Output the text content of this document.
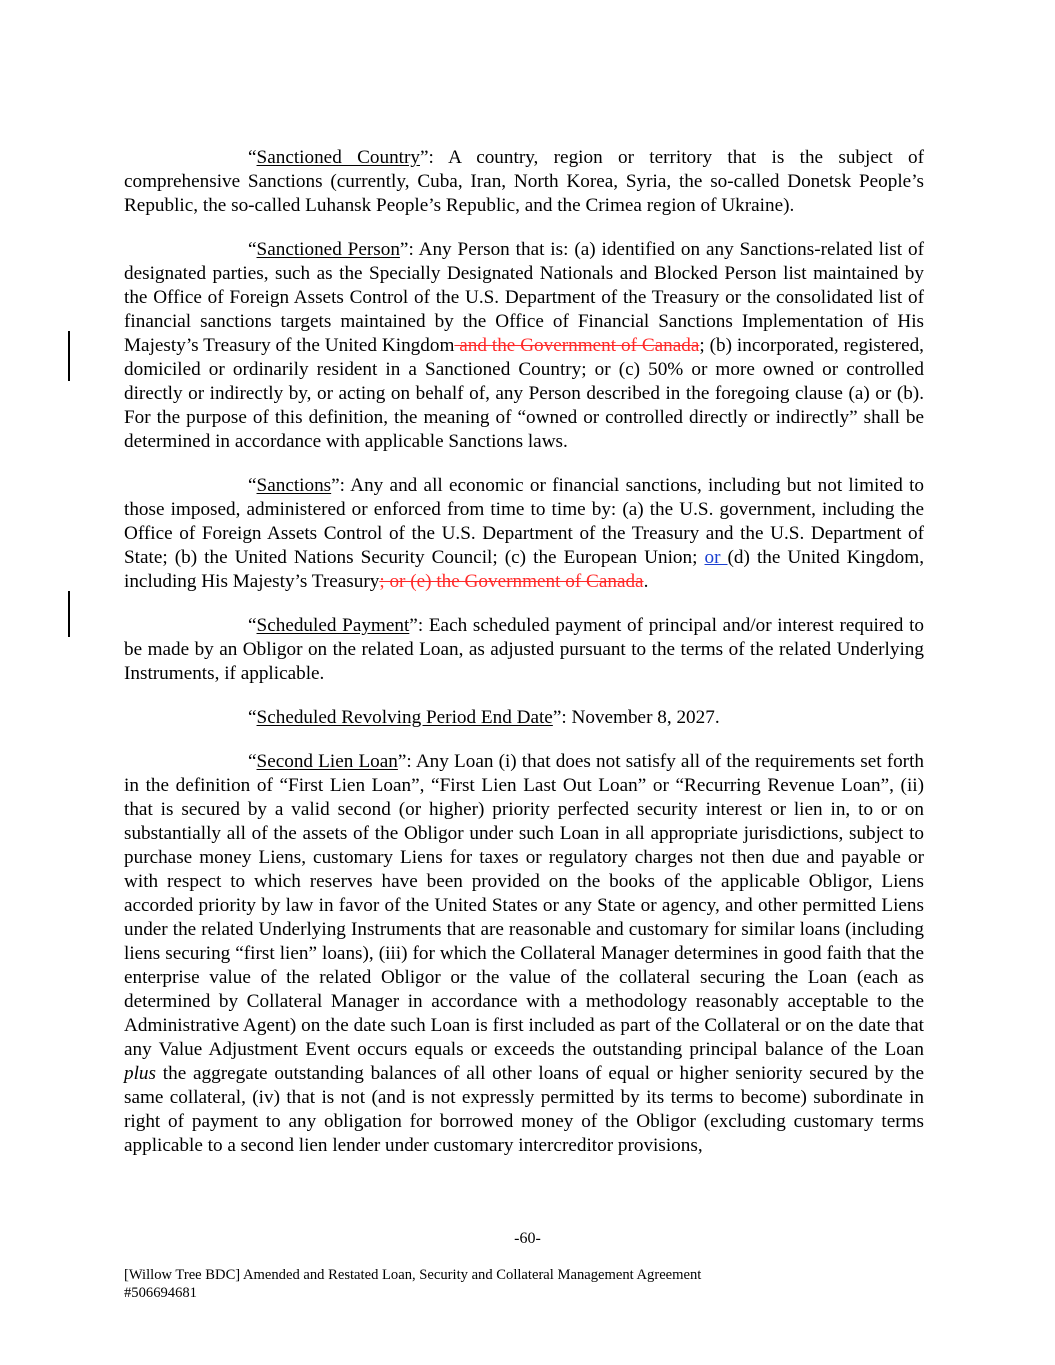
“Sanctioned Country”: A country, region or territory that is the subject of comprehensive Sanctions (currently, Cuba, Iran, North Korea, Syria, the so-called Donetsk People’s Republic, the so-called Luhansk People’s Republic, and the Crimea region of Ukraine).

“Sanctioned Person”: Any Person that is: (a) identified on any Sanctions-related list of designated parties, such as the Specially Designated Nationals and Blocked Person list maintained by the Office of Foreign Assets Control of the U.S. Department of the Treasury or the consolidated list of financial sanctions targets maintained by the Office of Financial Sanctions Implementation of His Majesty’s Treasury of the United Kingdom and the Government of Canada; (b) incorporated, registered, domiciled or ordinarily resident in a Sanctioned Country; or (c) 50% or more owned or controlled directly or indirectly by, or acting on behalf of, any Person described in the foregoing clause (a) or (b). For the purpose of this definition, the meaning of “owned or controlled directly or indirectly” shall be determined in accordance with applicable Sanctions laws.

“Sanctions”: Any and all economic or financial sanctions, including but not limited to those imposed, administered or enforced from time to time by: (a) the U.S. government, including the Office of Foreign Assets Control of the U.S. Department of the Treasury and the U.S. Department of State; (b) the United Nations Security Council; (c) the European Union; or (d) the United Kingdom, including His Majesty’s Treasury; or (e) the Government of Canada.

“Scheduled Payment”: Each scheduled payment of principal and/or interest required to be made by an Obligor on the related Loan, as adjusted pursuant to the terms of the related Underlying Instruments, if applicable.

“Scheduled Revolving Period End Date”: November 8, 2027.

“Second Lien Loan”: Any Loan (i) that does not satisfy all of the requirements set forth in the definition of “First Lien Loan”, “First Lien Last Out Loan” or “Recurring Revenue Loan”, (ii) that is secured by a valid second (or higher) priority perfected security interest or lien in, to or on substantially all of the assets of the Obligor under such Loan in all appropriate jurisdictions, subject to purchase money Liens, customary Liens for taxes or regulatory charges not then due and payable or with respect to which reserves have been provided on the books of the applicable Obligor, Liens accorded priority by law in favor of the United States or any State or agency, and other permitted Liens under the related Underlying Instruments that are reasonable and customary for similar loans (including liens securing “first lien” loans), (iii) for which the Collateral Manager determines in good faith that the enterprise value of the related Obligor or the value of the collateral securing the Loan (each as determined by Collateral Manager in accordance with a methodology reasonably acceptable to the Administrative Agent) on the date such Loan is first included as part of the Collateral or on the date that any Value Adjustment Event occurs equals or exceeds the outstanding principal balance of the Loan plus the aggregate outstanding balances of all other loans of equal or higher seniority secured by the same collateral, (iv) that is not (and is not expressly permitted by its terms to become) subordinate in right of payment to any obligation for borrowed money of the Obligor (excluding customary terms applicable to a second lien lender under customary intercreditor provisions,

-60-
[Willow Tree BDC] Amended and Restated Loan, Security and Collateral Management Agreement
#506694681
